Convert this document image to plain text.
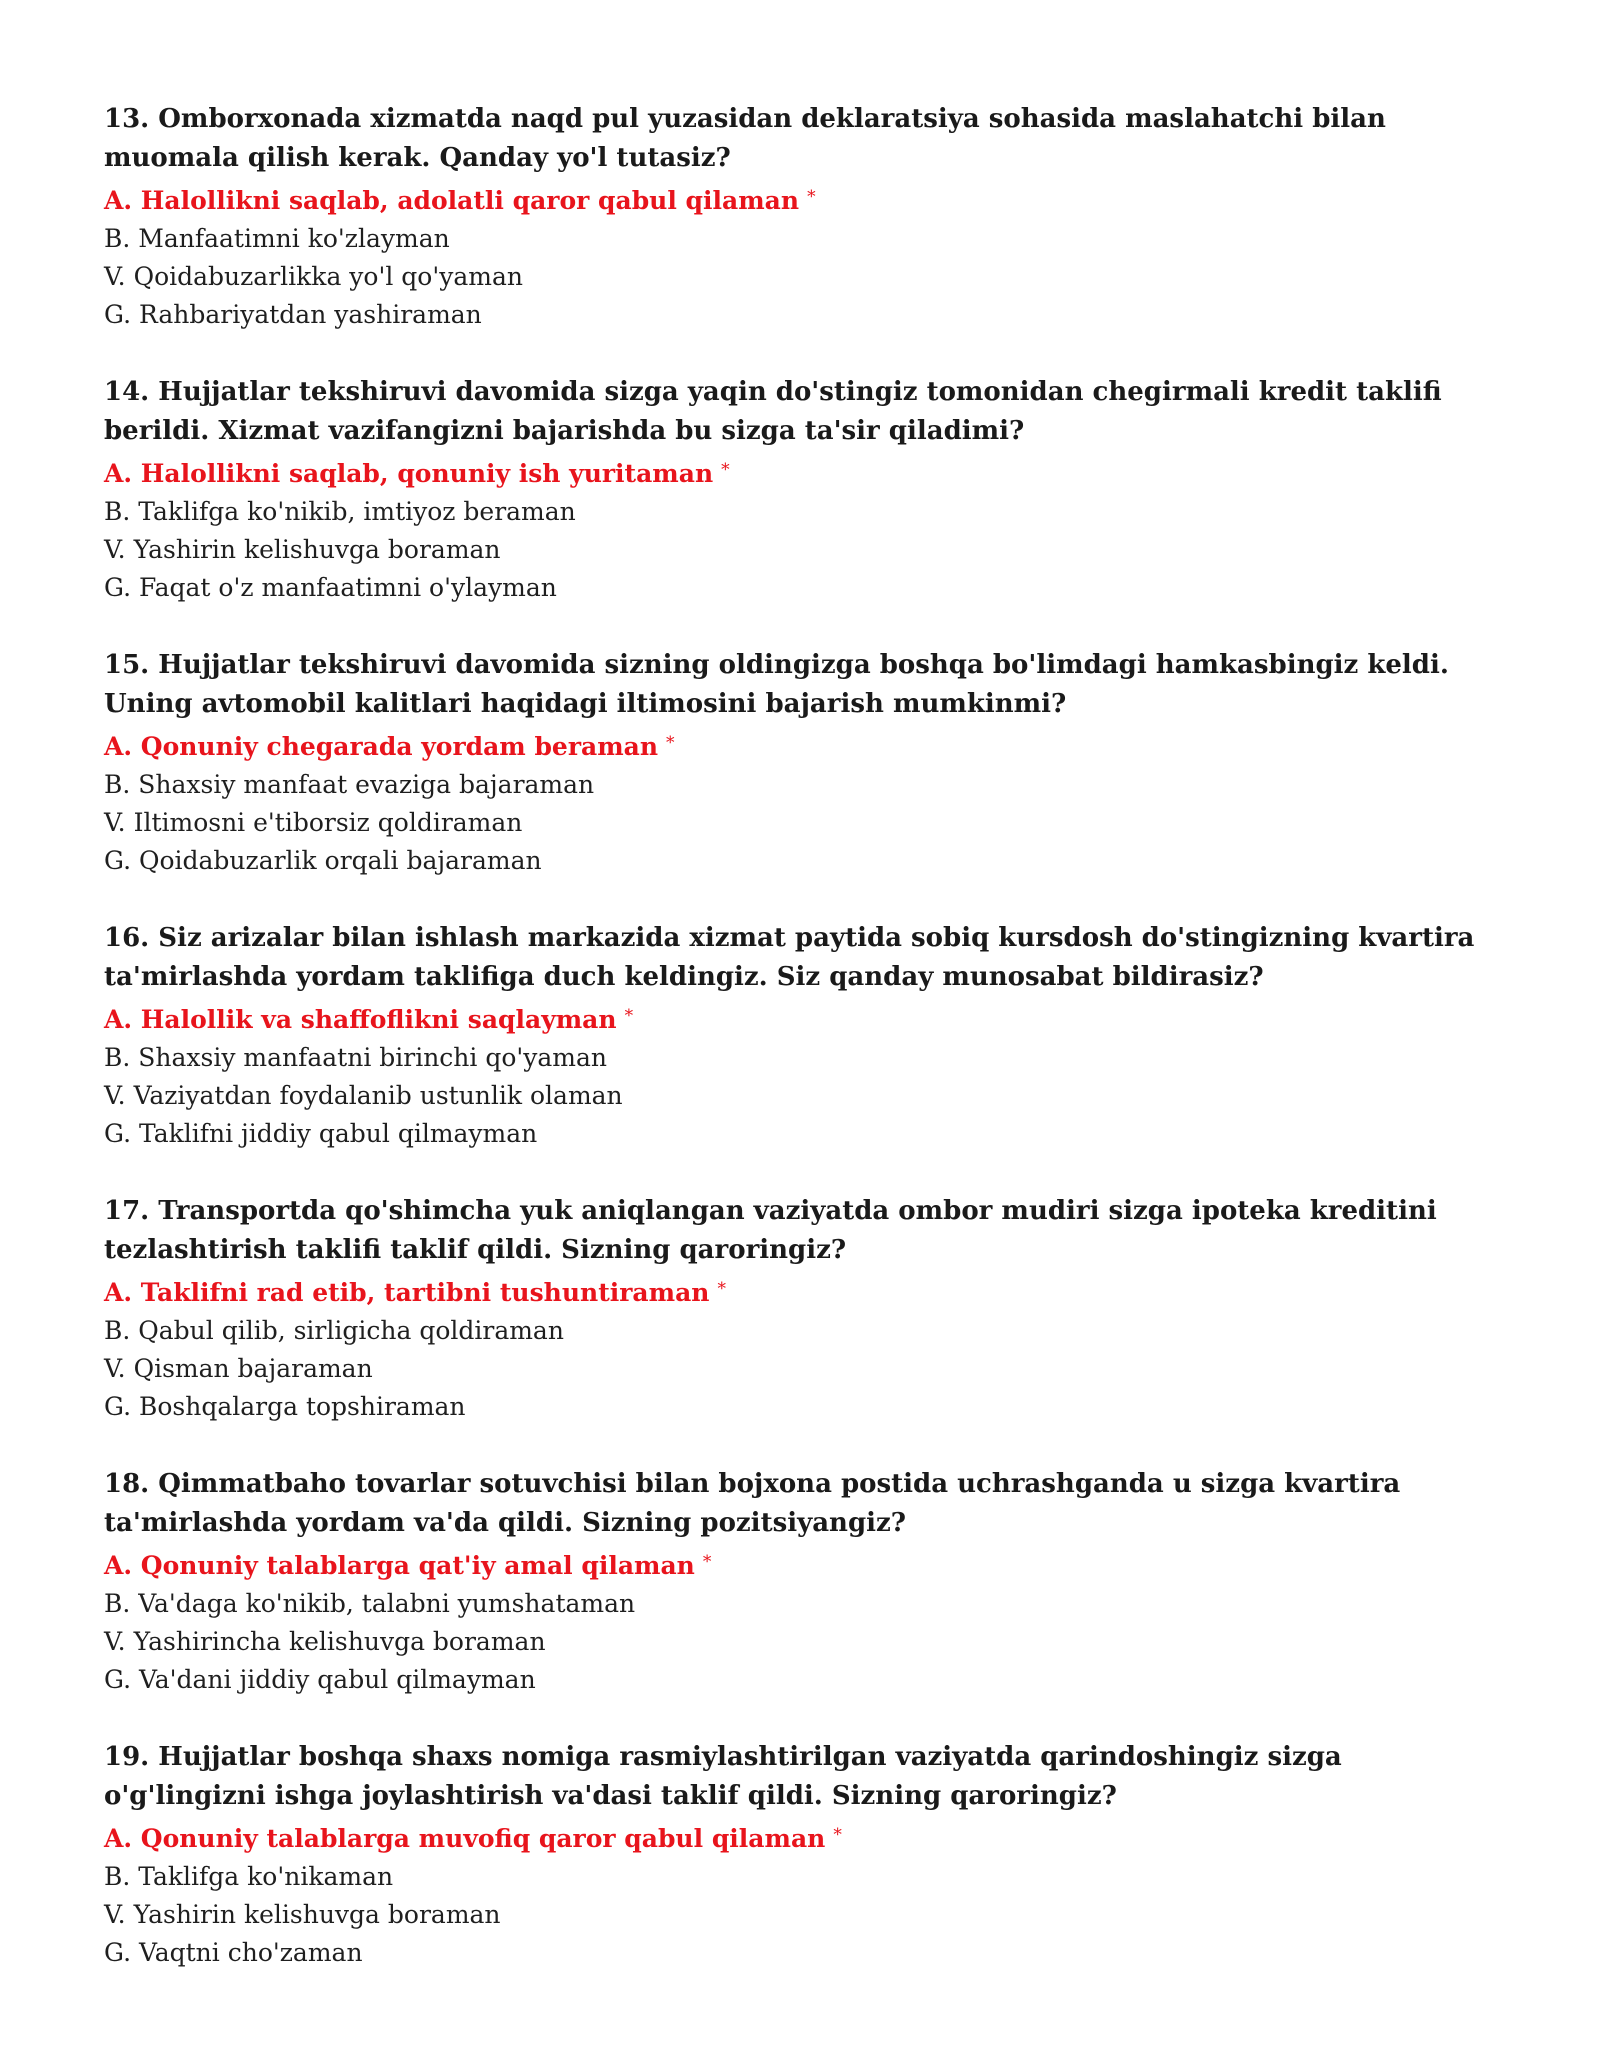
13. Omborxonada xizmatda naqd pul yuzasidan deklaratsiya sohasida maslahatchi bilan muomala qilish kerak. Qanday yo'l tutasiz?

A. Halollikni saqlab, adolatli qaror qabul qilaman *

B. Manfaatimni ko'zlayman

V. Qoidabuzarlikka yo'l qo'yaman

G. Rahbariyatdan yashiraman

14. Hujjatlar tekshiruvi davomida sizga yaqin do'stingiz tomonidan chegirmali kredit taklifi berildi. Xizmat vazifangizni bajarishda bu sizga ta'sir qiladimi?

A. Halollikni saqlab, qonuniy ish yuritaman *

B. Taklifga ko'nikib, imtiyoz beraman

V. Yashirin kelishuvga boraman

G. Faqat o'z manfaatimni o'ylayman

15. Hujjatlar tekshiruvi davomida sizning oldingizga boshqa bo'limdagi hamkasbingiz keldi. Uning avtomobil kalitlari haqidagi iltimosini bajarish mumkinmi?

A. Qonuniy chegarada yordam beraman *

B. Shaxsiy manfaat evaziga bajaraman

V. Iltimosni e'tiborsiz qoldiraman

G. Qoidabuzarlik orqali bajaraman

16. Siz arizalar bilan ishlash markazida xizmat paytida sobiq kursdosh do'stingizning kvartira ta'mirlashda yordam taklifiga duch keldingiz. Siz qanday munosabat bildirasiz?

A. Halollik va shaffoflikni saqlayman *

B. Shaxsiy manfaatni birinchi qo'yaman

V. Vaziyatdan foydalanib ustunlik olaman

G. Taklifni jiddiy qabul qilmayman

17. Transportda qo'shimcha yuk aniqlangan vaziyatda ombor mudiri sizga ipoteka kreditini tezlashtirish taklifi taklif qildi. Sizning qaroringiz?

A. Taklifni rad etib, tartibni tushuntiraman *

B. Qabul qilib, sirligicha qoldiraman

V. Qisman bajaraman

G. Boshqalarga topshiraman

18. Qimmatbaho tovarlar sotuvchisi bilan bojxona postida uchrashganda u sizga kvartira ta'mirlashda yordam va'da qildi. Sizning pozitsiyangiz?

A. Qonuniy talablarga qat'iy amal qilaman *

B. Va'daga ko'nikib, talabni yumshataman

V. Yashirincha kelishuvga boraman

G. Va'dani jiddiy qabul qilmayman

19. Hujjatlar boshqa shaxs nomiga rasmiylashtirilgan vaziyatda qarindoshingiz sizga o'g'lingizni ishga joylashtirish va'dasi taklif qildi. Sizning qaroringiz?

A. Qonuniy talablarga muvofiq qaror qabul qilaman *

B. Taklifga ko'nikaman

V. Yashirin kelishuvga boraman

G. Vaqtni cho'zaman
